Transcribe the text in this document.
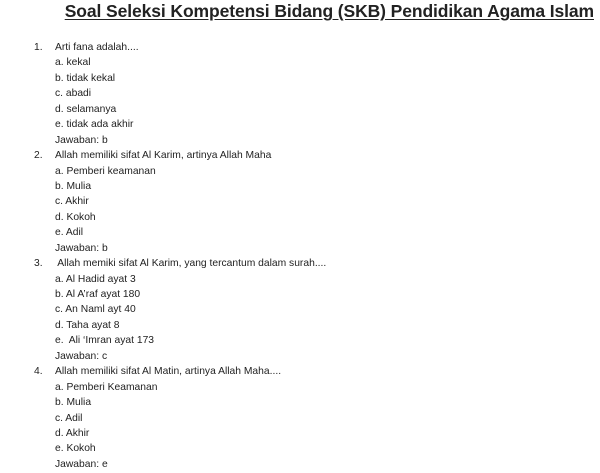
Soal Seleksi Kompetensi Bidang (SKB) Pendidikan Agama Islam
1. Arti fana adalah....
a. kekal
b. tidak kekal
c. abadi
d. selamanya
e. tidak ada akhir
Jawaban: b
2. Allah memiliki sifat Al Karim, artinya Allah Maha
a. Pemberi keamanan
b. Mulia
c. Akhir
d. Kokoh
e. Adil
Jawaban: b
3. Allah memiki sifat Al Karim, yang tercantum dalam surah....
a. Al Hadid ayat 3
b. Al A’raf ayat 180
c. An Naml ayt 40
d. Taha ayat 8
e.  Ali ‘Imran ayat 173
Jawaban: c
4. Allah memiliki sifat Al Matin, artinya Allah Maha....
a. Pemberi Keamanan
b. Mulia
c. Adil
d. Akhir
e. Kokoh
Jawaban: e
